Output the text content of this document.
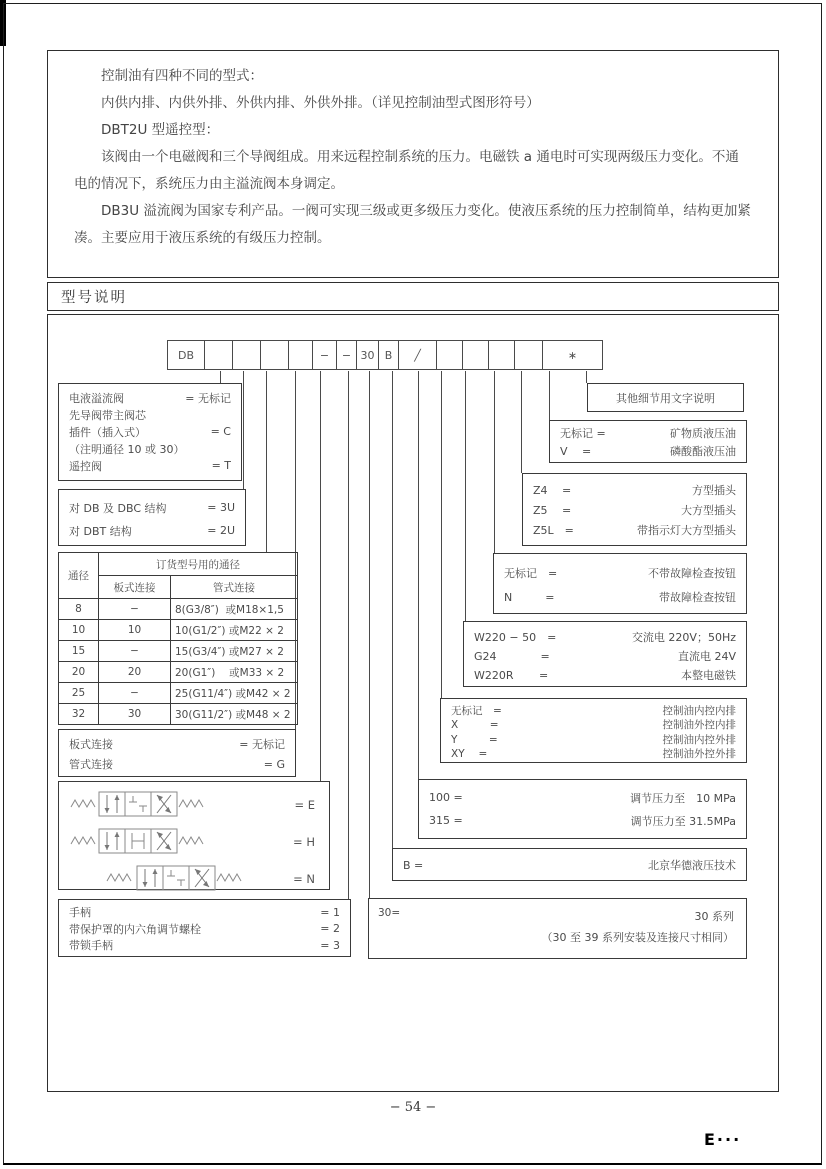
控制油有四种不同的型式：

内供内排、内供外排、外供内排、外供外排。（详见控制油型式图形符号）

DBT2U 型遥控型：

该阀由一个电磁阀和三个导阀组成。用来远程控制系统的压力。电磁铁 a 通电时可实现两级压力变化。不通电的情况下，系统压力由主溢流阀本身调定。

DB3U 溢流阀为国家专利产品。一阀可实现三级或更多级压力变化。使液压系统的压力控制简单，结构更加紧凑。主要应用于液压系统的有级压力控制。

型号说明
DB	−	− 30 B	╱	∗
电液溢流阀	= 无标记
先导阀带主阀芯
插件（插入式）	= C
（注明通径 10 或 30）
遥控阀	= T
对 DB 及 DBC 结构	= 3U
对 DBT 结构	= 2U
通径	订货型号用的通径	
	板式连接	管式连接
8	−	8(G3/8″)  或M18×1,5
10	10	10(G1/2″) 或M22 × 2
15	−	15(G3/4″) 或M27 × 2
20	20	20(G1″)　 或M33 × 2
25	−	25(G11/4″) 或M42 × 2
32	30	30(G11/2″) 或M48 × 2
板式连接	= 无标记
管式连接	= G
= E
= H
= N
手柄	= 1
带保护罩的内六角调节螺栓	= 2
带锁手柄	= 3
其他细节用文字说明
无标记 =	矿物质液压油
V　 =	磷酸酯液压油
Z4　 =	方型插头
Z5　 =	大方型插头
Z5L　=	带指示灯大方型插头
无标记　=	不带故障检查按钮
N　　　=	带故障检查按钮
W220 − 50　=	交流电 220V；50Hz
G24　　　　=	直流电 24V
W220R　　 =	本整电磁铁
无标记　=	控制油内控内排
X　　　=	控制油外控内排
Y　　　=	控制油内控外排
XY　 =	控制油外控外排
100 =	调节压力至　10 MPa
315 =	调节压力至 31.5MPa
B =	北京华德液压技术
30=	30 系列
（30 至 39 系列安装及连接尺寸相同）
− 54 −
E···
